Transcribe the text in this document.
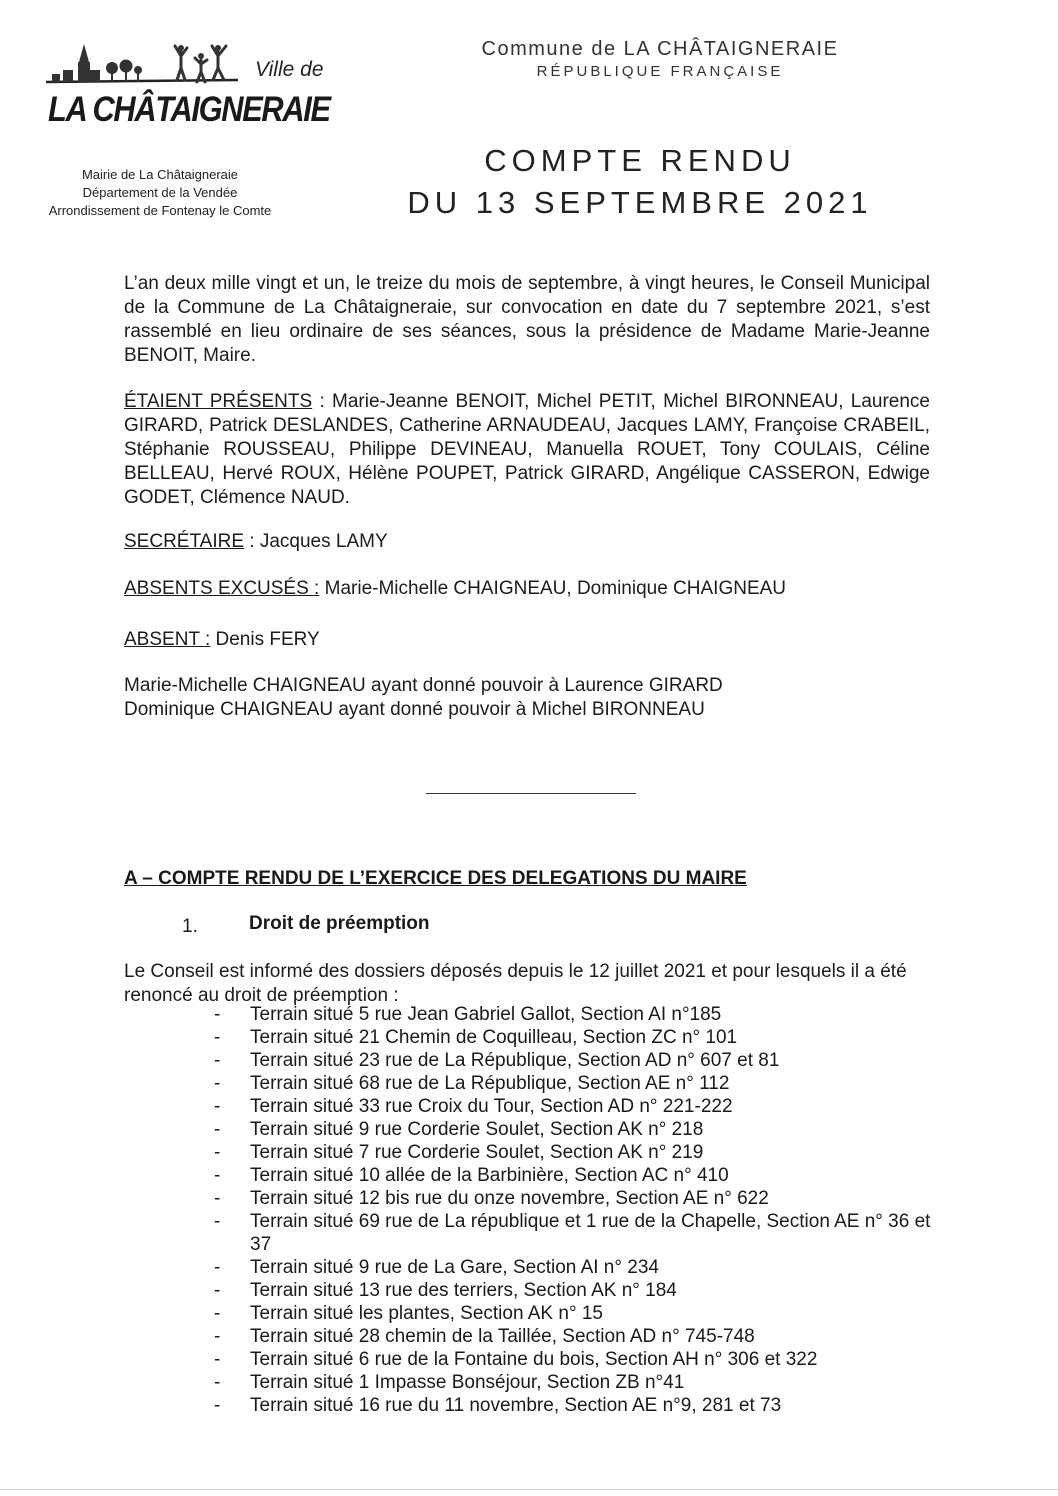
Ville de
LA CHÂTAIGNERAIE
Mairie de La Châtaigneraie
Département de la Vendée
Arrondissement de Fontenay le Comte
Commune de LA CHÂTAIGNERAIE
RÉPUBLIQUE FRANÇAISE
COMPTE RENDU
DU 13 SEPTEMBRE 2021
L’an deux mille vingt et un, le treize du mois de septembre, à vingt heures, le Conseil Municipal de la Commune de La Châtaigneraie, sur convocation en date du 7 septembre 2021, s’est rassemblé en lieu ordinaire de ses séances, sous la présidence de Madame Marie-Jeanne BENOIT, Maire.
ÉTAIENT PRÉSENTS : Marie-Jeanne BENOIT, Michel PETIT, Michel BIRONNEAU, Laurence GIRARD, Patrick DESLANDES, Catherine ARNAUDEAU, Jacques LAMY, Françoise CRABEIL, Stéphanie ROUSSEAU, Philippe DEVINEAU, Manuella ROUET, Tony COULAIS, Céline BELLEAU, Hervé ROUX, Hélène POUPET, Patrick GIRARD, Angélique CASSERON, Edwige GODET, Clémence NAUD.
SECRÉTAIRE : Jacques LAMY
ABSENTS EXCUSÉS : Marie-Michelle CHAIGNEAU, Dominique CHAIGNEAU
ABSENT : Denis FERY
Marie-Michelle CHAIGNEAU ayant donné pouvoir à Laurence GIRARD
Dominique CHAIGNEAU ayant donné pouvoir à Michel BIRONNEAU
A – COMPTE RENDU DE L’EXERCICE DES DELEGATIONS DU MAIRE
1.	Droit de préemption
Le Conseil est informé des dossiers déposés depuis le 12 juillet 2021 et pour lesquels il a été renoncé au droit de préemption :
- Terrain situé 5 rue Jean Gabriel Gallot, Section AI n°185
- Terrain situé 21 Chemin de Coquilleau, Section ZC n° 101
- Terrain situé 23 rue de La République, Section AD n° 607 et 81
- Terrain situé 68 rue de La République, Section AE n° 112
- Terrain situé 33 rue Croix du Tour, Section AD n° 221-222
- Terrain situé 9 rue Corderie Soulet, Section AK n° 218
- Terrain situé 7 rue Corderie Soulet, Section AK n° 219
- Terrain situé 10 allée de la Barbinière, Section AC n° 410
- Terrain situé 12 bis rue du onze novembre, Section AE n° 622
- Terrain situé 69 rue de La république et 1 rue de la Chapelle, Section AE n° 36 et 37
- Terrain situé 9 rue de La Gare, Section AI n° 234
- Terrain situé 13 rue des terriers, Section AK n° 184
- Terrain situé les plantes, Section AK n° 15
- Terrain situé 28 chemin de la Taillée, Section AD n° 745-748
- Terrain situé 6 rue de la Fontaine du bois, Section AH n° 306 et 322
- Terrain situé 1 Impasse Bonséjour, Section ZB n°41
- Terrain situé 16 rue du 11 novembre, Section AE n°9, 281 et 73
